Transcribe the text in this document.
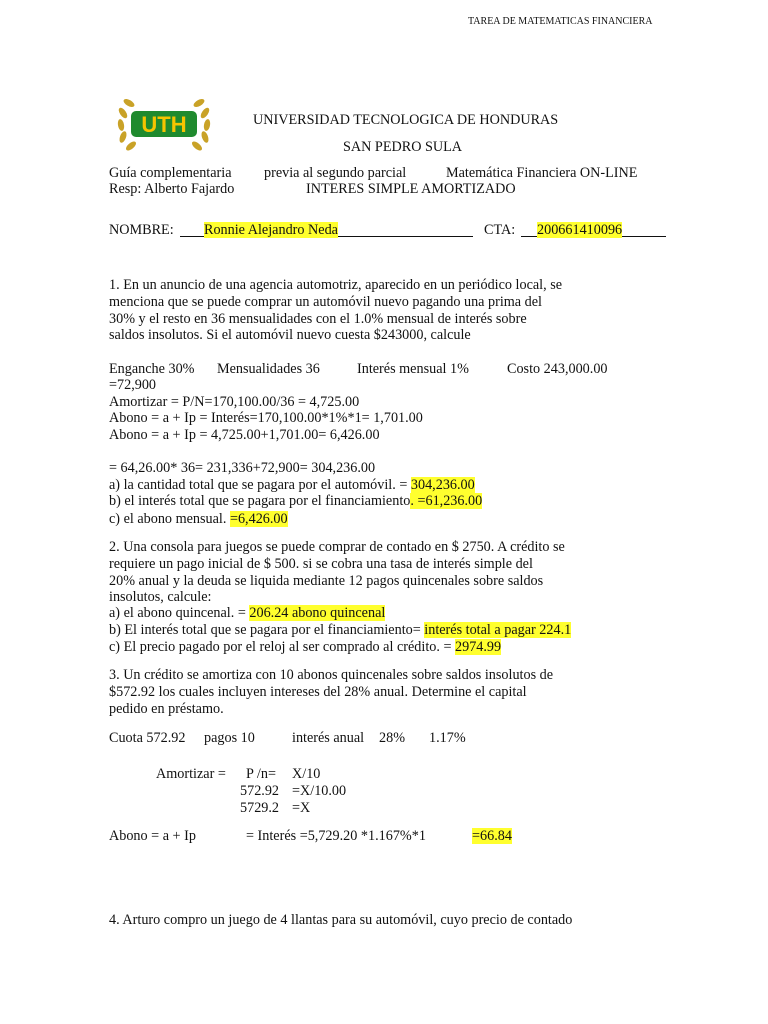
TAREA DE MATEMATICAS FINANCIERA
UTH	UNIVERSIDAD TECNOLOGICA DE HONDURAS
SAN PEDRO SULA
Guía complementaria previa al segundo parcial	Matemática Financiera ON-LINE
Resp: Alberto Fajardo	INTERES SIMPLE AMORTIZADO
NOMBRE: Ronnie Alejandro Neda	CTA: 200661410096
1. En un anuncio de una agencia automotriz, aparecido en un periódico local, se
menciona que se puede comprar un automóvil nuevo pagando una prima del
30% y el resto en 36 mensualidades con el 1.0% mensual de interés sobre
saldos insolutos. Si el automóvil nuevo cuesta $243000, calcule
Enganche 30% Mensualidades 36	Interés mensual 1%	Costo 243,000.00
=72,900
Amortizar = P/N=170,100.00/36 = 4,725.00
Abono = a + Ip = Interés=170,100.00*1%*1= 1,701.00
Abono = a + Ip = 4,725.00+1,701.00= 6,426.00
= 64,26.00* 36= 231,336+72,900= 304,236.00
a) la cantidad total que se pagara por el automóvil. = 304,236.00
b) el interés total que se pagara por el financiamiento. =61,236.00
c) el abono mensual. =6,426.00
2. Una consola para juegos se puede comprar de contado en $ 2750. A crédito se
requiere un pago inicial de $ 500. si se cobra una tasa de interés simple del
20% anual y la deuda se liquida mediante 12 pagos quincenales sobre saldos
insolutos, calcule:
a) el abono quincenal. = 206.24 abono quincenal
b) El interés total que se pagara por el financiamiento= interés total a pagar 224.1
c) El precio pagado por el reloj al ser comprado al crédito. = 2974.99
3. Un crédito se amortiza con 10 abonos quincenales sobre saldos insolutos de
$572.92 los cuales incluyen intereses del 28% anual. Determine el capital
pedido en préstamo.
Cuota 572.92 pagos 10	interés anual 28% 1.17%
Amortizar = P /n= X/10
572.92 =X/10.00
5729.2 =X
Abono = a + Ip	= Interés =5,729.20 *1.167%*1	=66.84
4. Arturo compro un juego de 4 llantas para su automóvil, cuyo precio de contado
